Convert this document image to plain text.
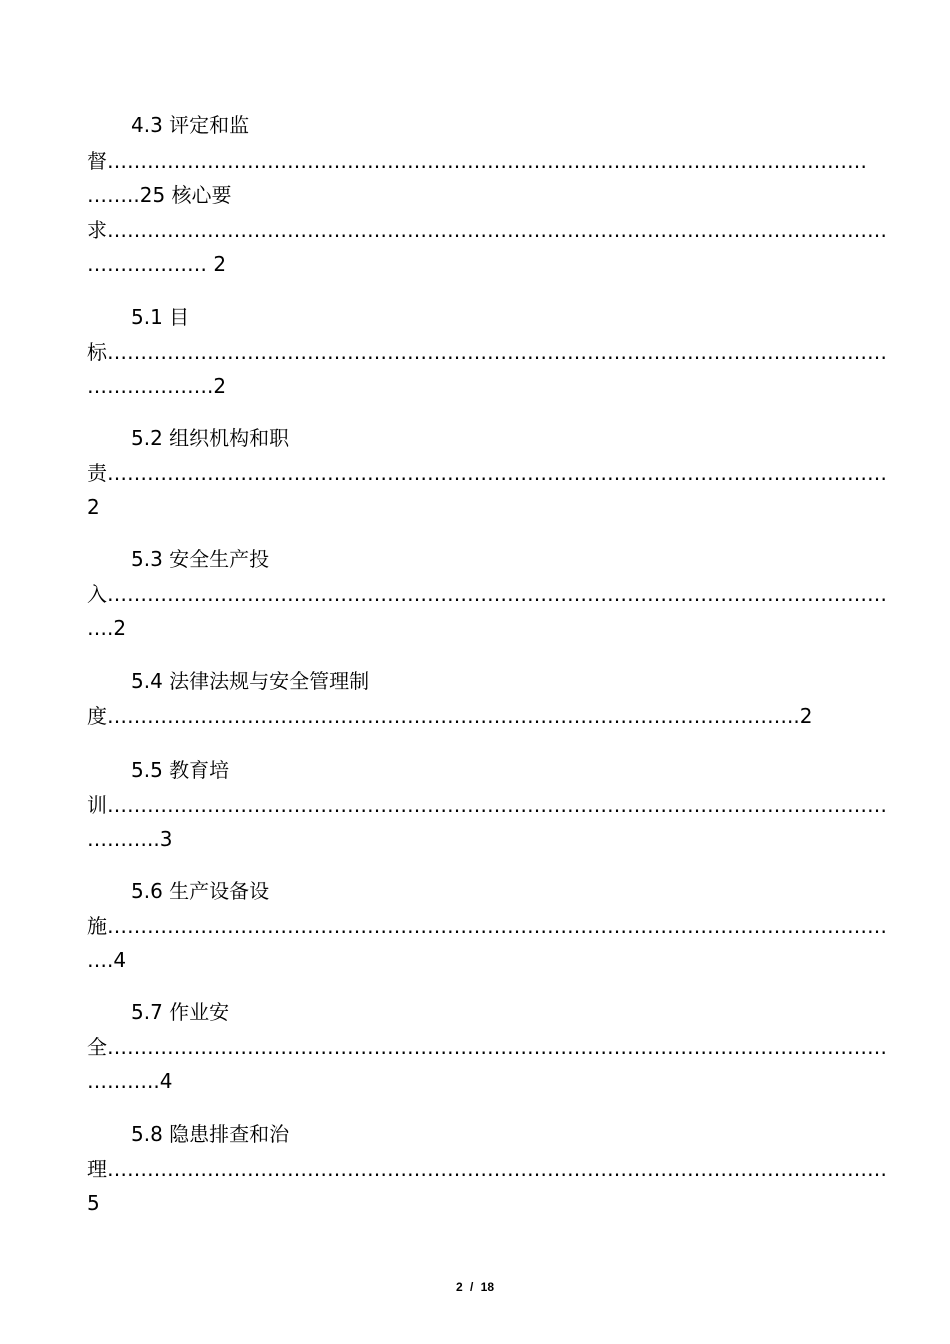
4.3 评定和监
督……………………………………………………………………………………………………
……..25 核心要
求………………………………………………………………………………………………………
……………… 2
5.1 目
标………………………………………………………………………………………………………
……………….2
5.2 组织机构和职
责………………………………………………………………………………………………………
2
5.3 安全生产投
入………………………………………………………………………………………………………
….2
5.4 法律法规与安全管理制
度…………………………………………………………………………………………..2
5.5 教育培
训………………………………………………………………………………………………………
………..3
5.6 生产设备设
施………………………………………………………………………………………………………
….4
5.7 作业安
全………………………………………………………………………………………………………
………..4
5.8 隐患排查和治
理………………………………………………………………………………………………………
5
2 / 18
